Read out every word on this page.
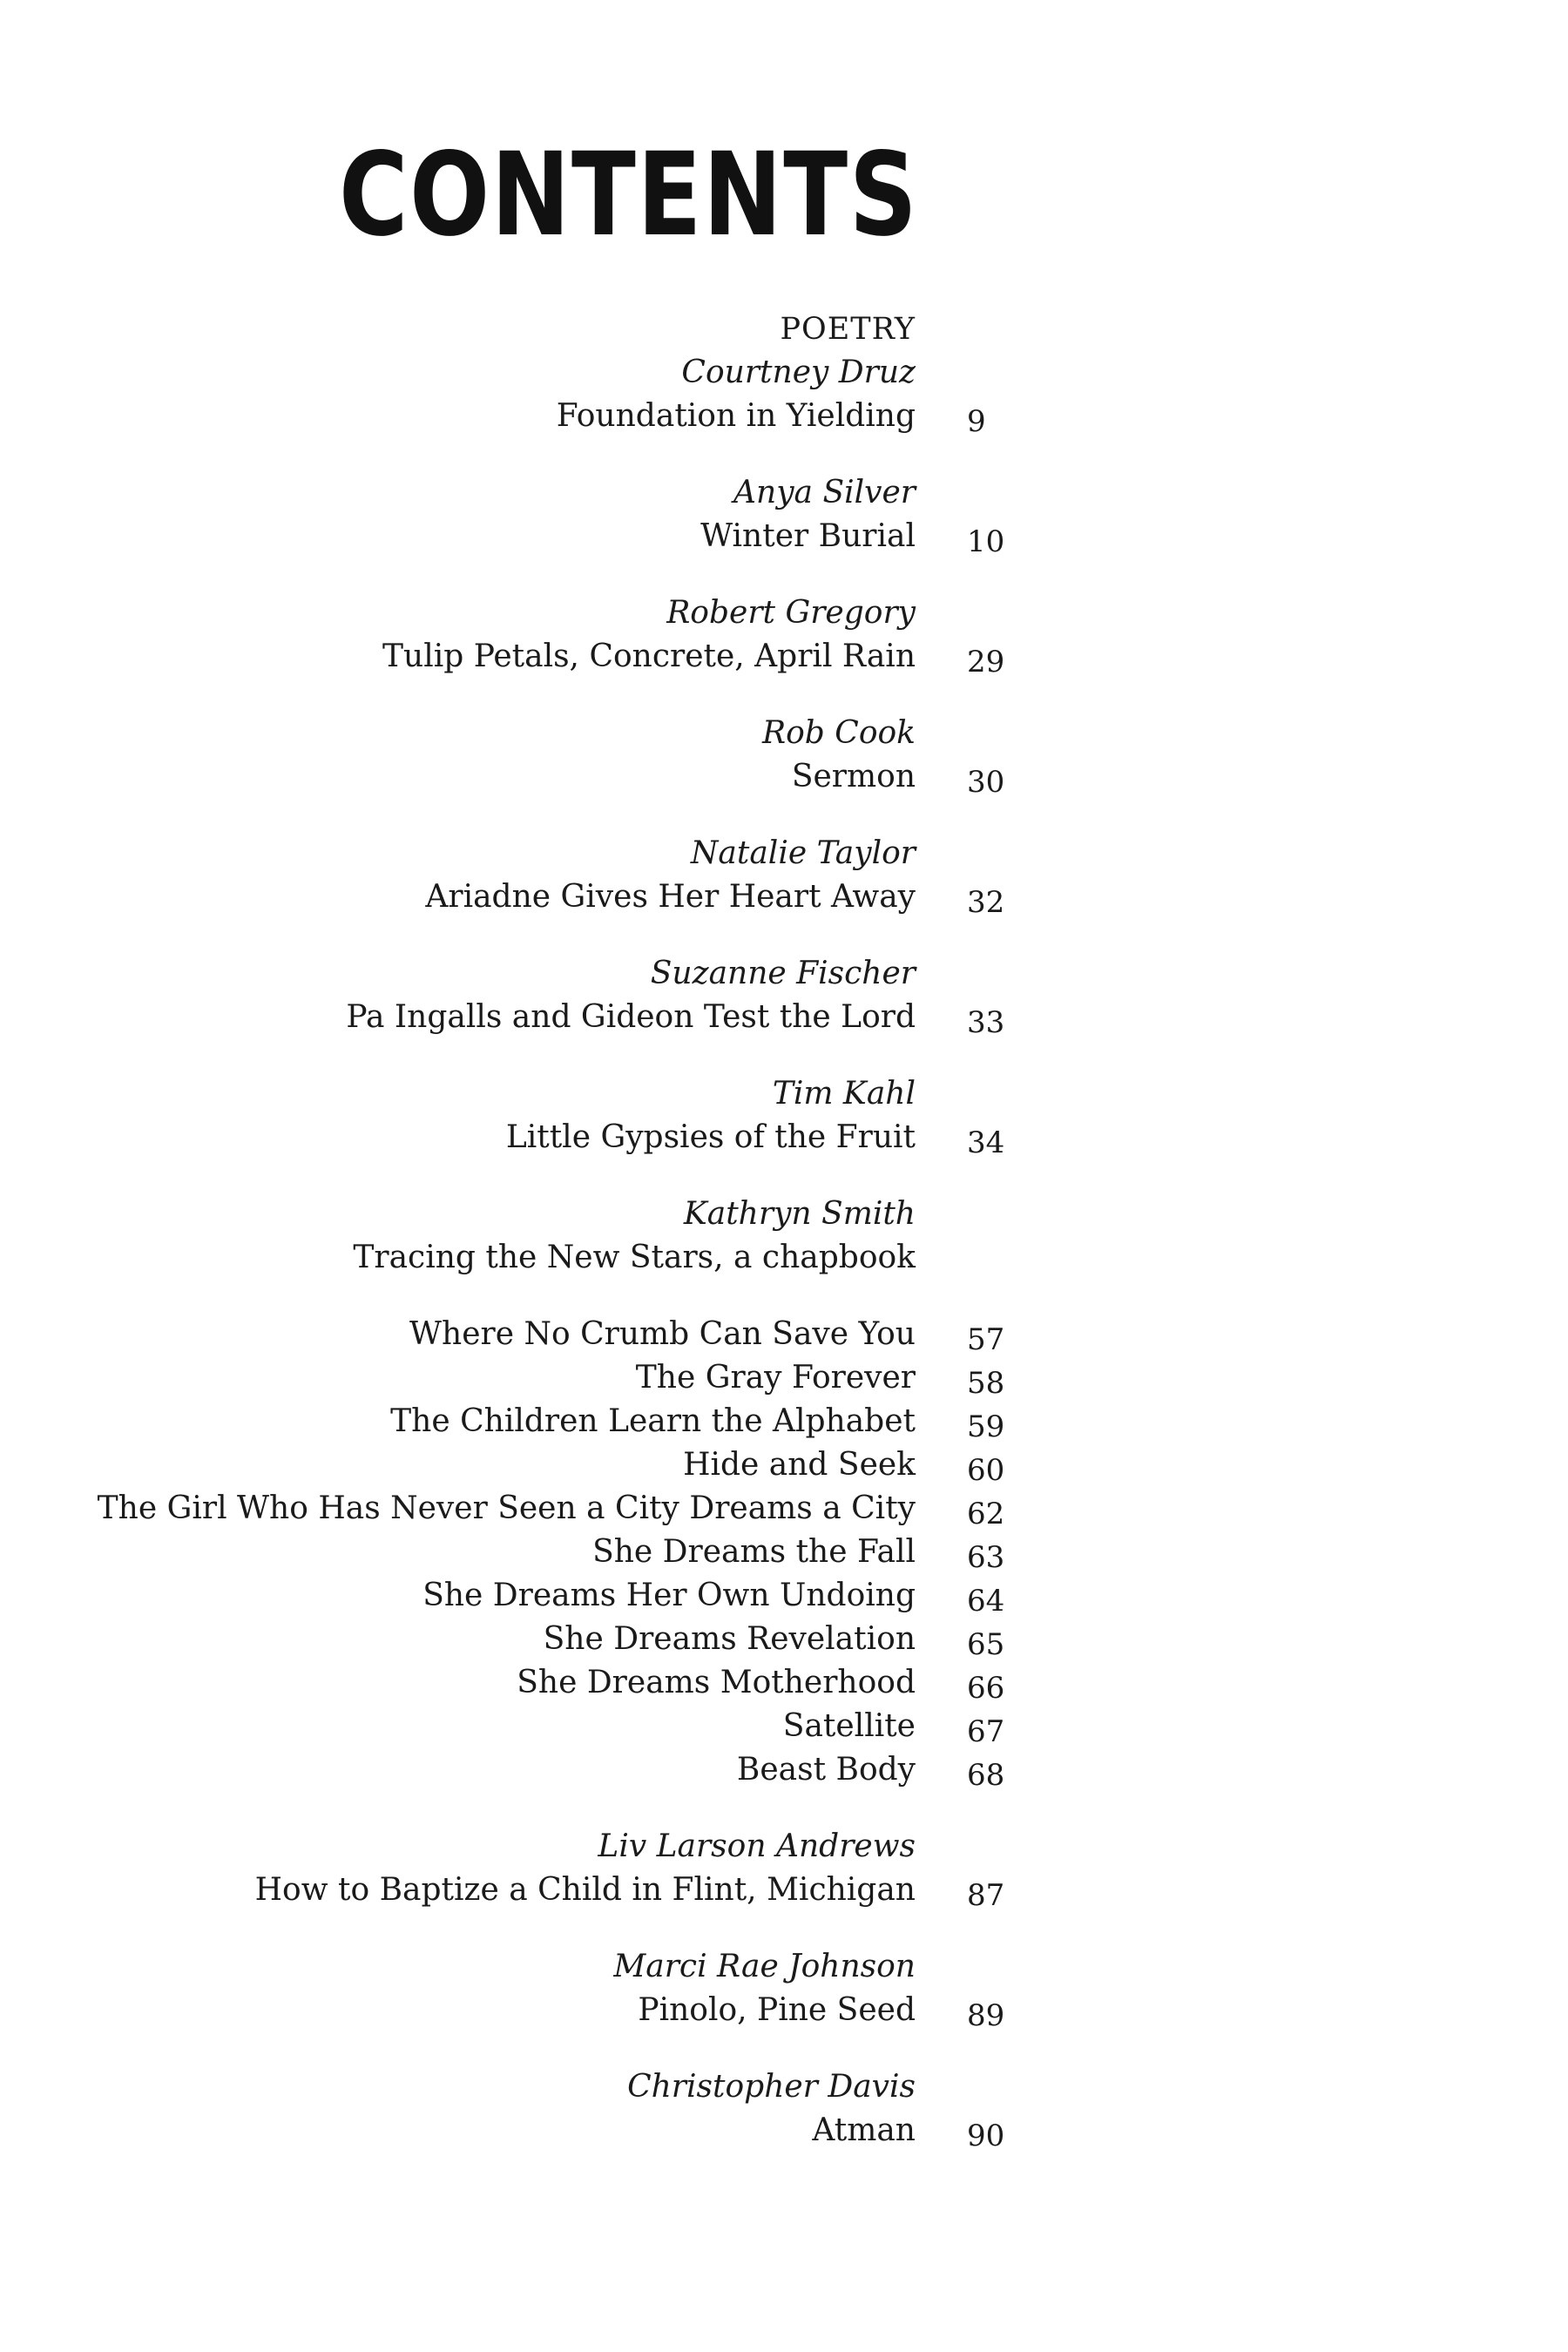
CONTENTS
POETRY
Courtney Druz
Foundation in Yielding 9
Anya Silver
Winter Burial 10
Robert Gregory
Tulip Petals, Concrete, April Rain 29
Rob Cook
Sermon 30
Natalie Taylor
Ariadne Gives Her Heart Away 32
Suzanne Fischer
Pa Ingalls and Gideon Test the Lord 33
Tim Kahl
Little Gypsies of the Fruit 34
Kathryn Smith
Tracing the New Stars, a chapbook
Where No Crumb Can Save You 57
The Gray Forever 58
The Children Learn the Alphabet 59
Hide and Seek 60
The Girl Who Has Never Seen a City Dreams a City 62
She Dreams the Fall 63
She Dreams Her Own Undoing 64
She Dreams Revelation 65
She Dreams Motherhood 66
Satellite 67
Beast Body 68
Liv Larson Andrews
How to Baptize a Child in Flint, Michigan 87
Marci Rae Johnson
Pinolo, Pine Seed 89
Christopher Davis
Atman 90
